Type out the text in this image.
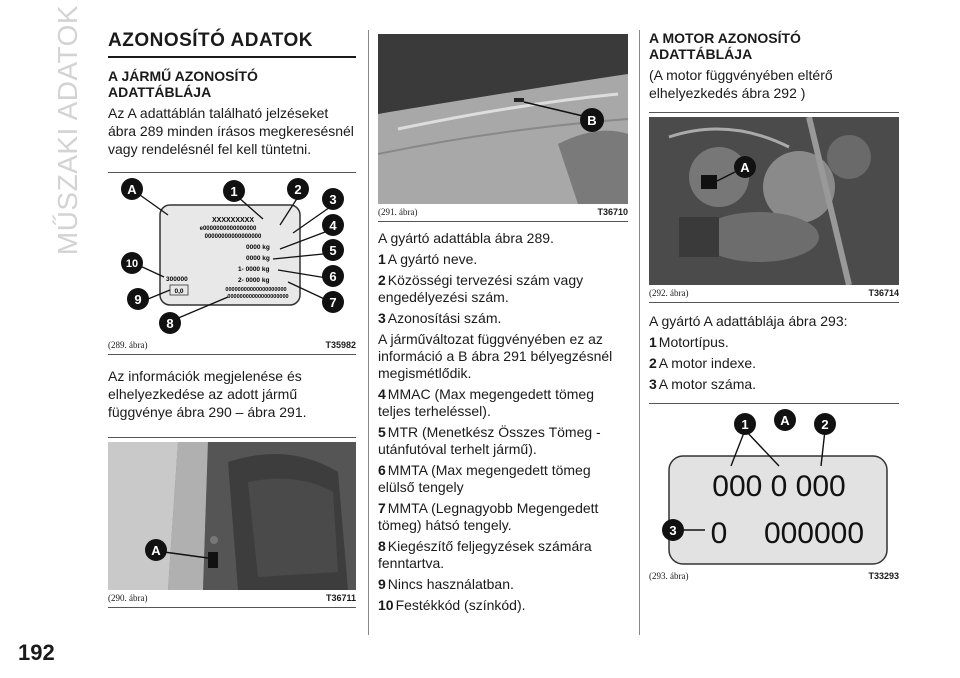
MŰSZAKI ADATOK
192
AZONOSÍTÓ ADATOK
A JÁRMŰ AZONOSÍTÓ ADATTÁBLÁJA

Az A adattáblán található jelzéseket ábra 289 minden írásos megkeresésnél vagy rendelésnél fel kell tüntetni.

XXXXXXXXX
e0000000000000000
00000000000000000
0000 kg
0000 kg
1- 0000 kg
2- 0000 kg
00000000000000000000
00000000000000000000
300000
0,0
A	1	2
3
4
5
6
7
8
9
10
(289. ábra)	T35982

Az információk megjelenése és elhelyezkedése az adott jármű függvénye ábra 290 – ábra 291.

A
(290. ábra)	T36711
B
(291. ábra)	T36710
A gyártó adattábla ábra 289.
1 A gyártó neve.
2 Közösségi tervezési szám vagy engedélyezési szám.
3 Azonosítási szám.
A járműváltozat függvényében ez az információ a B ábra 291 bélyegzésnél megismétlődik.
4 MMAC (Max megengedett tömeg teljes terheléssel).
5 MTR (Menetkész Összes Tömeg - utánfutóval terhelt jármű).
6 MMTA (Max megengedett tömeg elülső tengely
7 MMTA (Legnagyobb Megengedett tömeg) hátsó tengely.
8 Kiegészítő feljegyzések számára fenntartva.
9 Nincs használatban.
10 Festékkód (színkód).
A MOTOR AZONOSÍTÓ ADATTÁBLÁJA

(A motor függvényében eltérő elhelyezkedés ábra 292 )

A
(292. ábra)	T36714
A gyártó A adattáblája ábra 293:
1 Motortípus.
2 A motor indexe.
3 A motor száma.
000 0 000
0 000000
1 A 2
3
(293. ábra)	T33293
